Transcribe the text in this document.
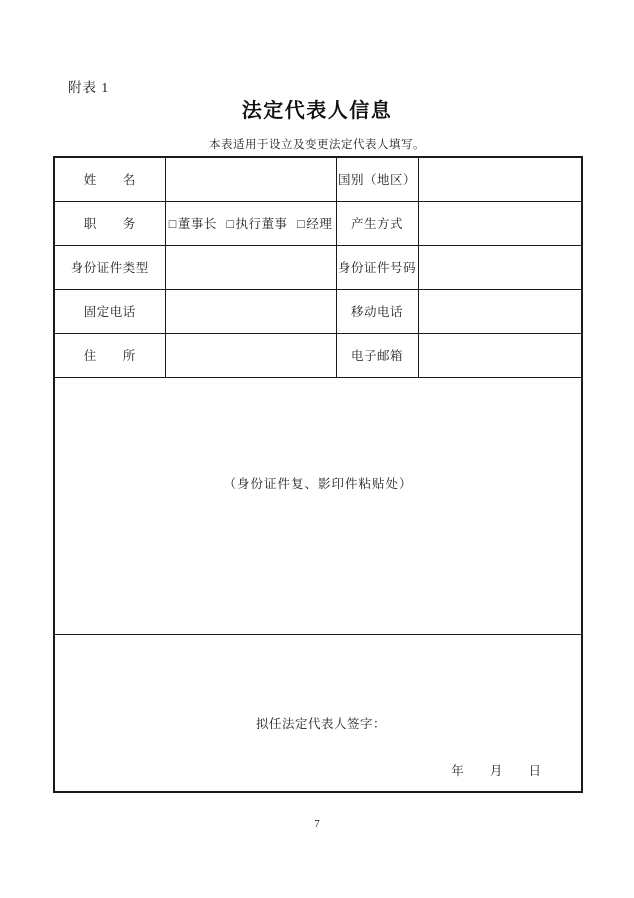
附表 1
法定代表人信息
本表适用于设立及变更法定代表人填写。
姓　　名		国别（地区）	
职　　务	□董事长 □执行董事 □经理	产生方式	
身份证件类型		身份证件号码	
固定电话		移动电话	
住　　所		电子邮箱	
（身份证件复、影印件粘贴处）			
拟任法定代表人签字：
年 月 日			
7
